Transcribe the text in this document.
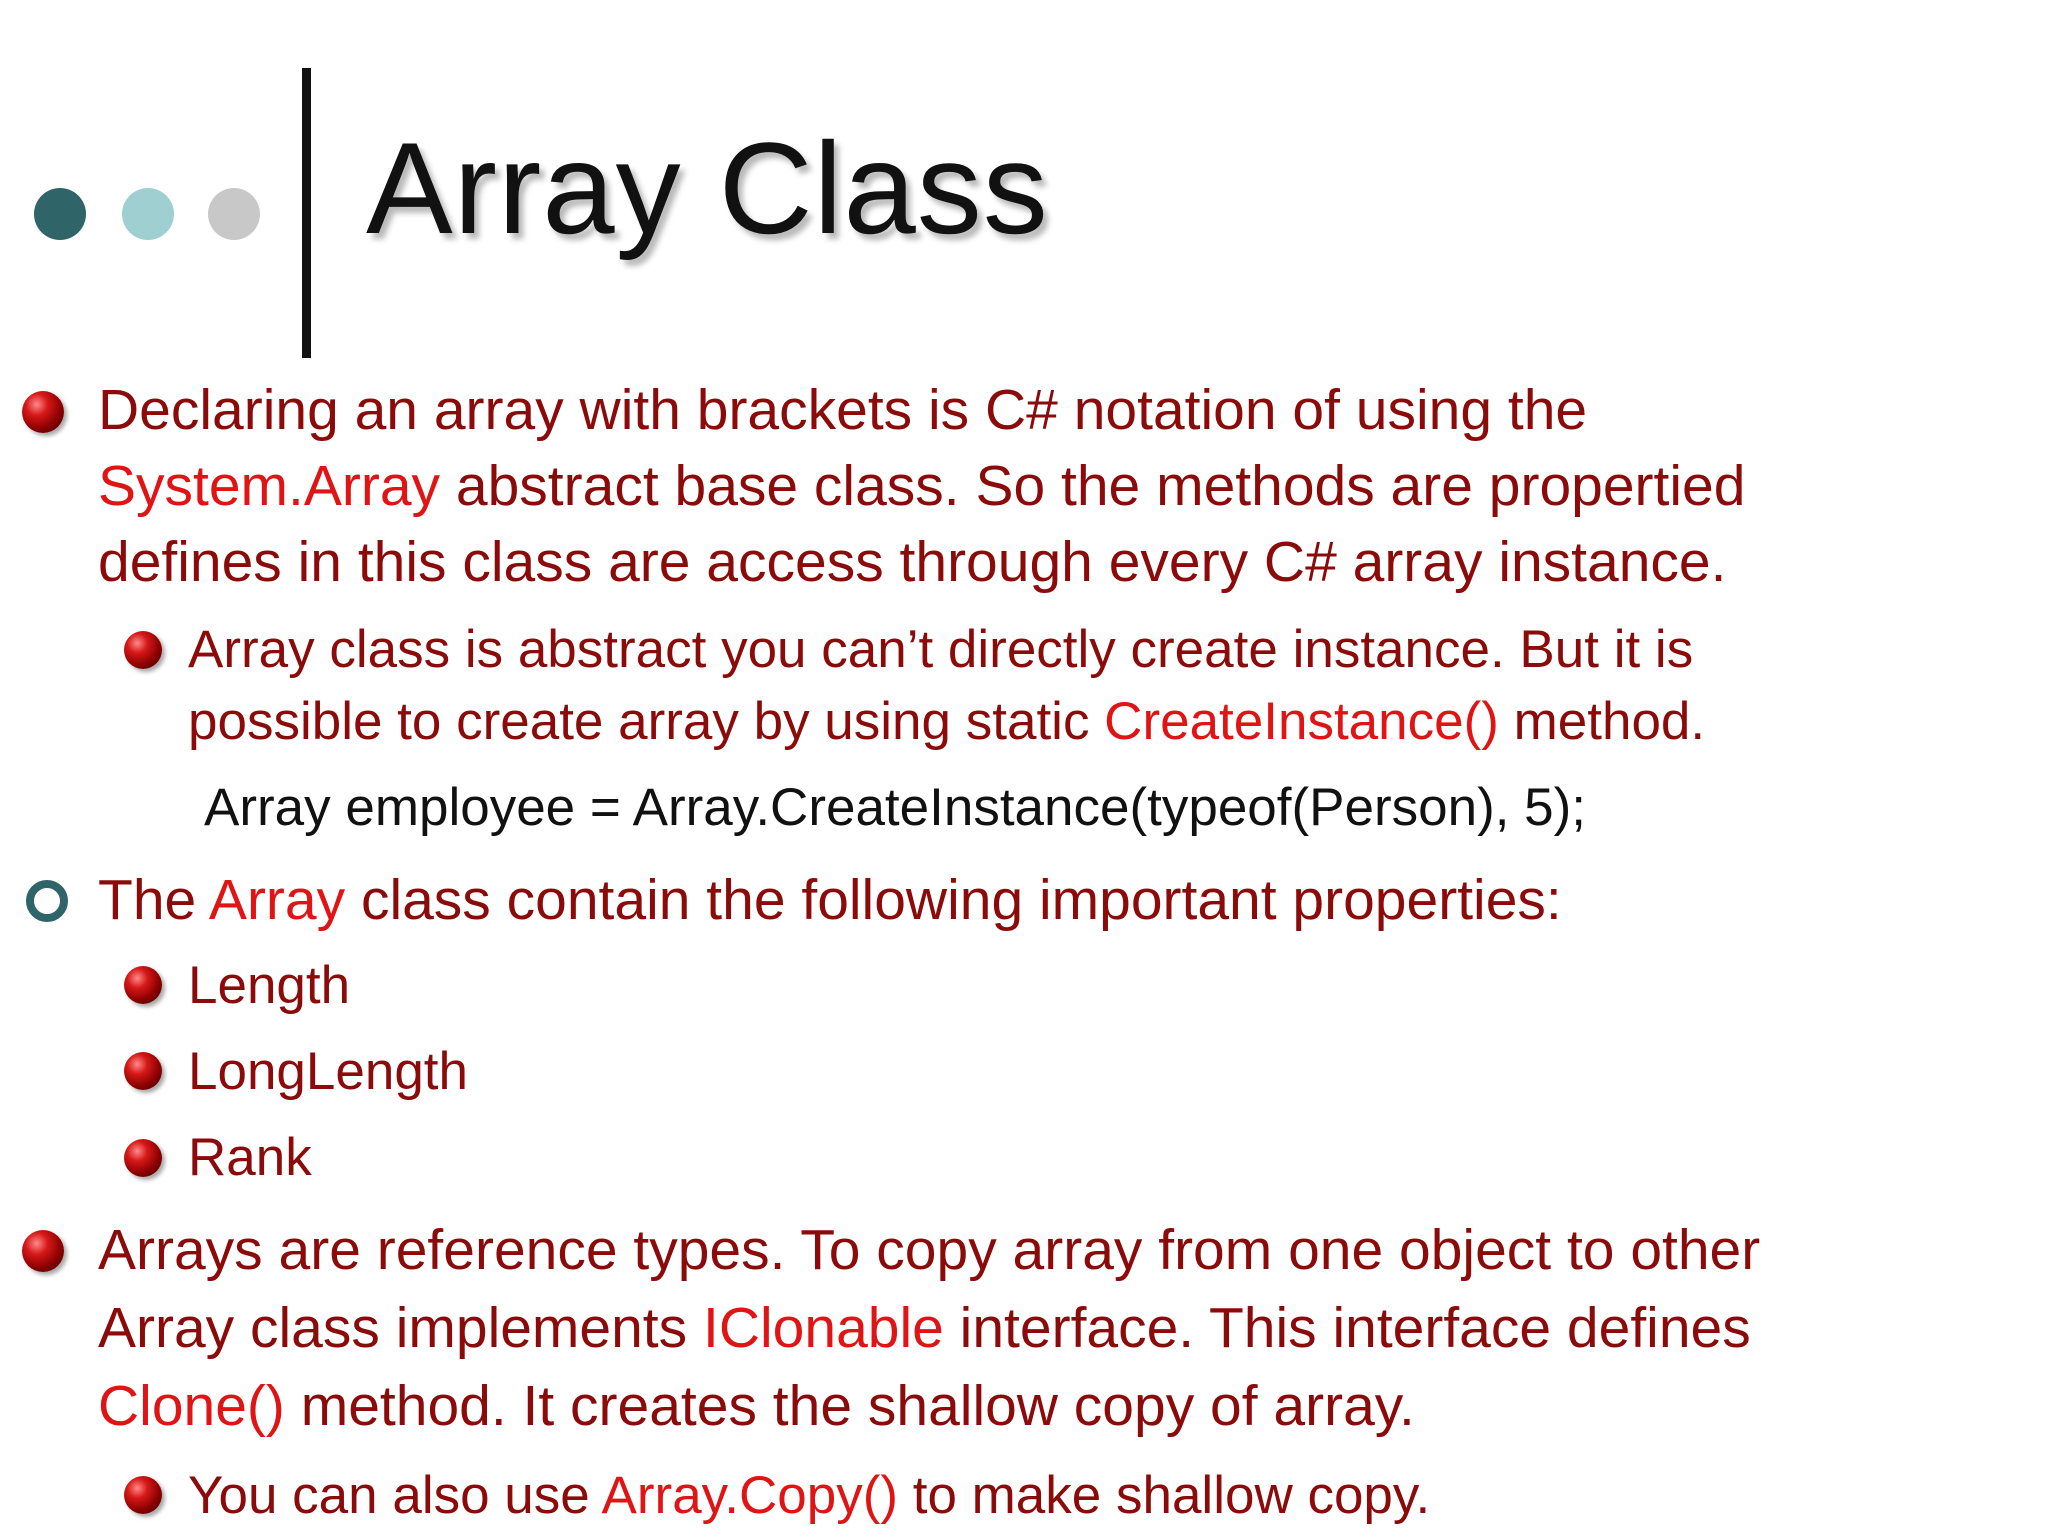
Array Class
Declaring an array with brackets is C# notation of using the
System.Array abstract base class. So the methods are propertied
defines in this class are access through every C# array instance.
Array class is abstract you can’t directly create instance. But it is
possible to create array by using static CreateInstance() method.
Array employee = Array.CreateInstance(typeof(Person), 5);
The Array class contain the following important properties:
Length
LongLength
Rank
Arrays are reference types. To copy array from one object to other
Array class implements IClonable interface. This interface defines
Clone() method. It creates the shallow copy of array.
You can also use Array.Copy() to make shallow copy.
